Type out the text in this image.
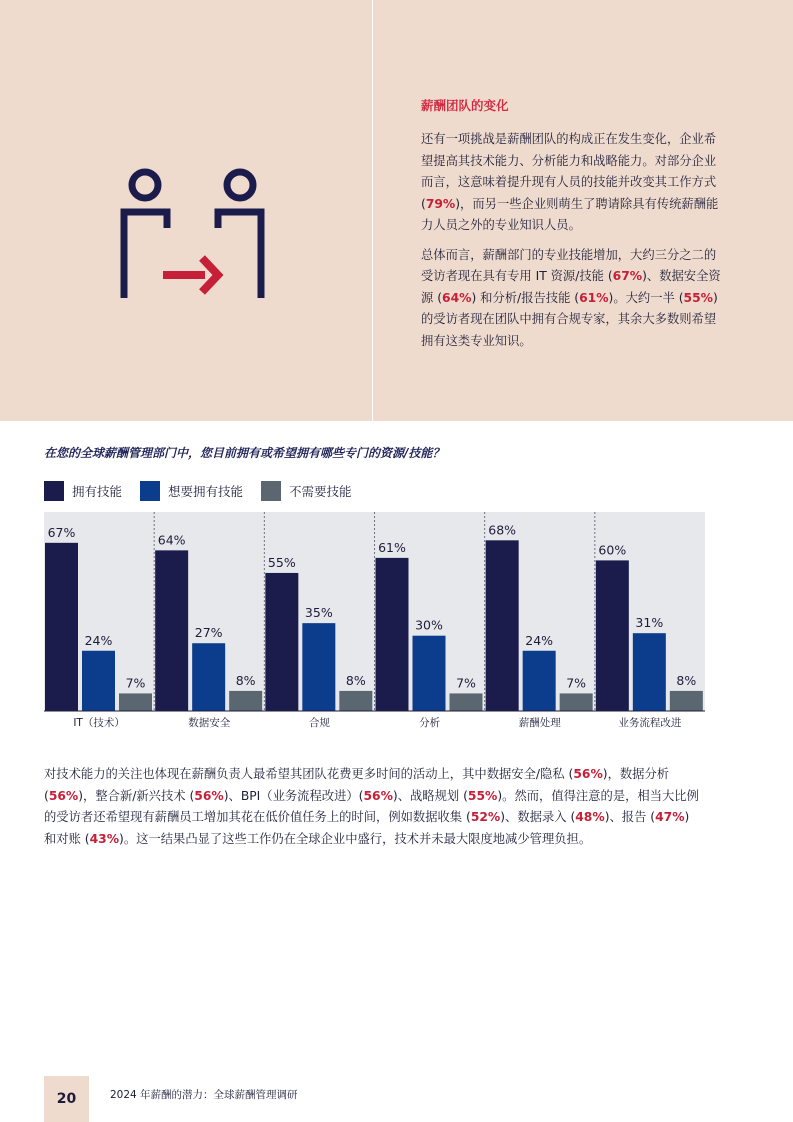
薪酬团队的变化

还有一项挑战是薪酬团队的构成正在发生变化，企业希望提高其技术能力、分析能力和战略能力。对部分企业而言，这意味着提升现有人员的技能并改变其工作方式 (79%)，而另一些企业则萌生了聘请除具有传统薪酬能力人员之外的专业知识人员。

总体而言，薪酬部门的专业技能增加，大约三分之二的受访者现在具有专用 IT 资源/技能 (67%)、数据安全资源 (64%) 和分析/报告技能 (61%)。大约一半 (55%) 的受访者现在团队中拥有合规专家，其余大多数则希望拥有这类专业知识。

在您的全球薪酬管理部门中，您目前拥有或希望拥有哪些专门的资源/技能？
拥有技能	想要拥有技能	不需要技能
67%
24%
7%
IT（技术）
64%
27%
8%
数据安全
55%
35%
8%
合规
61%
30%
7%
分析
68%
24%
7%
薪酬处理
60%
31%
8%
业务流程改进

对技术能力的关注也体现在薪酬负责人最希望其团队花费更多时间的活动上，其中数据安全/隐私 (56%)，数据分析 (56%)，整合新/新兴技术 (56%)、BPI（业务流程改进）(56%)、战略规划 (55%)。然而，值得注意的是，相当大比例的受访者还希望现有薪酬员工增加其花在低价值任务上的时间，例如数据收集 (52%)、数据录入 (48%)、报告 (47%) 和对账 (43%)。这一结果凸显了这些工作仍在全球企业中盛行，技术并未最大限度地减少管理负担。

20	2024 年薪酬的潜力：全球薪酬管理调研
